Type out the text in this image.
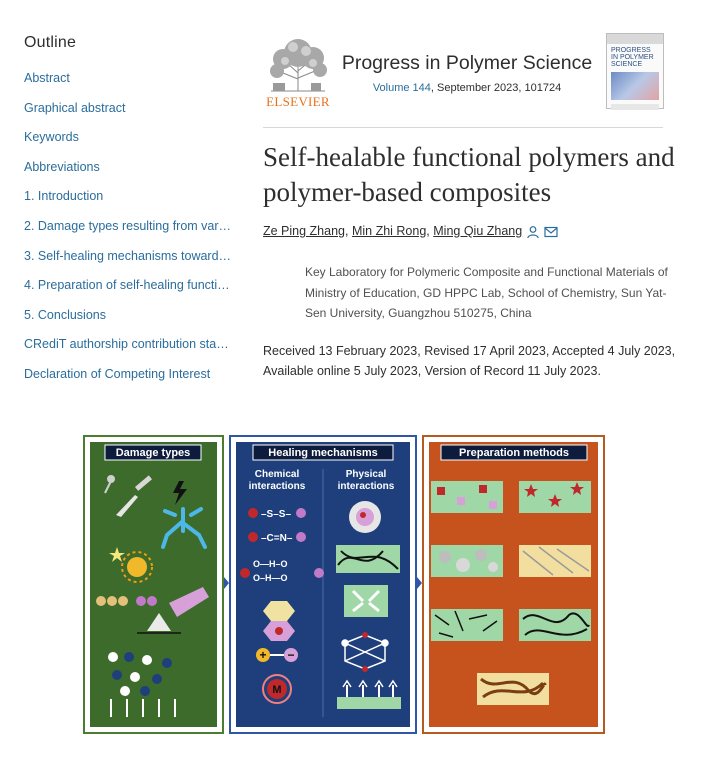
Outline
Abstract
Graphical abstract
Keywords
Abbreviations
1. Introduction
2. Damage types resulting from var…
3. Self-healing mechanisms toward…
4. Preparation of self-healing functi…
5. Conclusions
CRediT authorship contribution sta…
Declaration of Competing Interest
ELSEVIER
Progress in Polymer Science
Volume 144, September 2023, 101724
PROGRESS IN POLYMER SCIENCE
Self-healable functional polymers and polymer-based composites
Ze Ping Zhang, Min Zhi Rong, Ming Qiu Zhang
Key Laboratory for Polymeric Composite and Functional Materials of Ministry of Education, GD HPPC Lab, School of Chemistry, Sun Yat-Sen University, Guangzhou 510275, China
Received 13 February 2023, Revised 17 April 2023, Accepted 4 July 2023, Available online 5 July 2023, Version of Record 11 July 2023.
Damage types	Healing mechanisms
Chemical
interactions
Physical
interactions
–S–S–
–C=N–
O—H–O
O–H—O
+ −
M
Preparation methods
